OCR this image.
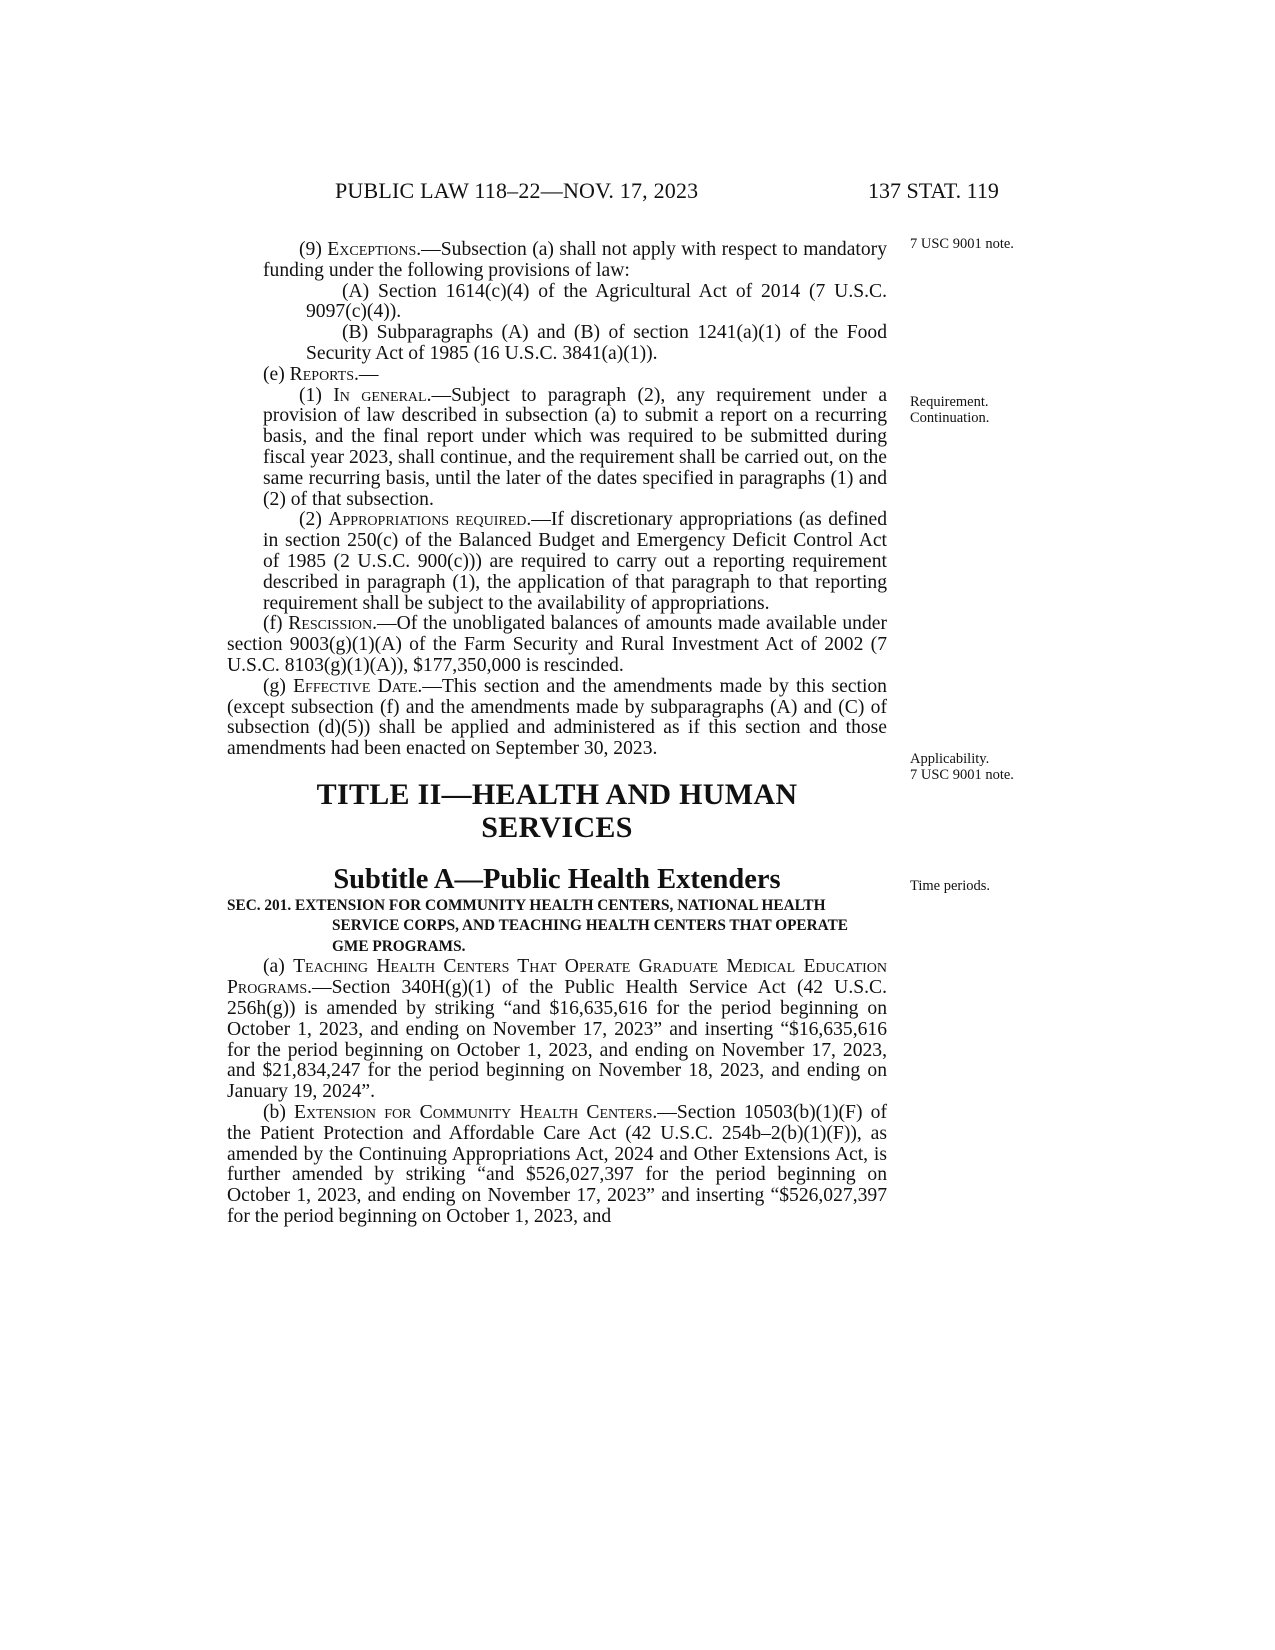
PUBLIC LAW 118–22—NOV. 17, 2023	137 STAT. 119
7 USC 9001 note.
Requirement.
Continuation.
Applicability.
7 USC 9001 note.
Time periods.

(9) Exceptions.—Subsection (a) shall not apply with respect to mandatory funding under the following provisions of law:

(A) Section 1614(c)(4) of the Agricultural Act of 2014 (7 U.S.C. 9097(c)(4)).

(B) Subparagraphs (A) and (B) of section 1241(a)(1) of the Food Security Act of 1985 (16 U.S.C. 3841(a)(1)).

(e) Reports.—

(1) In general.—Subject to paragraph (2), any requirement under a provision of law described in subsection (a) to submit a report on a recurring basis, and the final report under which was required to be submitted during fiscal year 2023, shall continue, and the requirement shall be carried out, on the same recurring basis, until the later of the dates specified in paragraphs (1) and (2) of that subsection.

(2) Appropriations required.—If discretionary appropriations (as defined in section 250(c) of the Balanced Budget and Emergency Deficit Control Act of 1985 (2 U.S.C. 900(c))) are required to carry out a reporting requirement described in paragraph (1), the application of that paragraph to that reporting requirement shall be subject to the availability of appropriations.

(f) Rescission.—Of the unobligated balances of amounts made available under section 9003(g)(1)(A) of the Farm Security and Rural Investment Act of 2002 (7 U.S.C. 8103(g)(1)(A)), $177,350,000 is rescinded.

(g) Effective Date.—This section and the amendments made by this section (except subsection (f) and the amendments made by subparagraphs (A) and (C) of subsection (d)(5)) shall be applied and administered as if this section and those amendments had been enacted on September 30, 2023.

TITLE II—HEALTH AND HUMAN
SERVICES
Subtitle A—Public Health Extenders

SEC. 201. EXTENSION FOR COMMUNITY HEALTH CENTERS, NATIONAL HEALTH SERVICE CORPS, AND TEACHING HEALTH CENTERS THAT OPERATE GME PROGRAMS.

(a) Teaching Health Centers That Operate Graduate Medical Education Programs.—Section 340H(g)(1) of the Public Health Service Act (42 U.S.C. 256h(g)) is amended by striking “and $16,635,616 for the period beginning on October 1, 2023, and ending on November 17, 2023” and inserting “$16,635,616 for the period beginning on October 1, 2023, and ending on November 17, 2023, and $21,834,247 for the period beginning on November 18, 2023, and ending on January 19, 2024”.

(b) Extension for Community Health Centers.—Section 10503(b)(1)(F) of the Patient Protection and Affordable Care Act (42 U.S.C. 254b–2(b)(1)(F)), as amended by the Continuing Appropriations Act, 2024 and Other Extensions Act, is further amended by striking “and $526,027,397 for the period beginning on October 1, 2023, and ending on November 17, 2023” and inserting “$526,027,397 for the period beginning on October 1, 2023, and
